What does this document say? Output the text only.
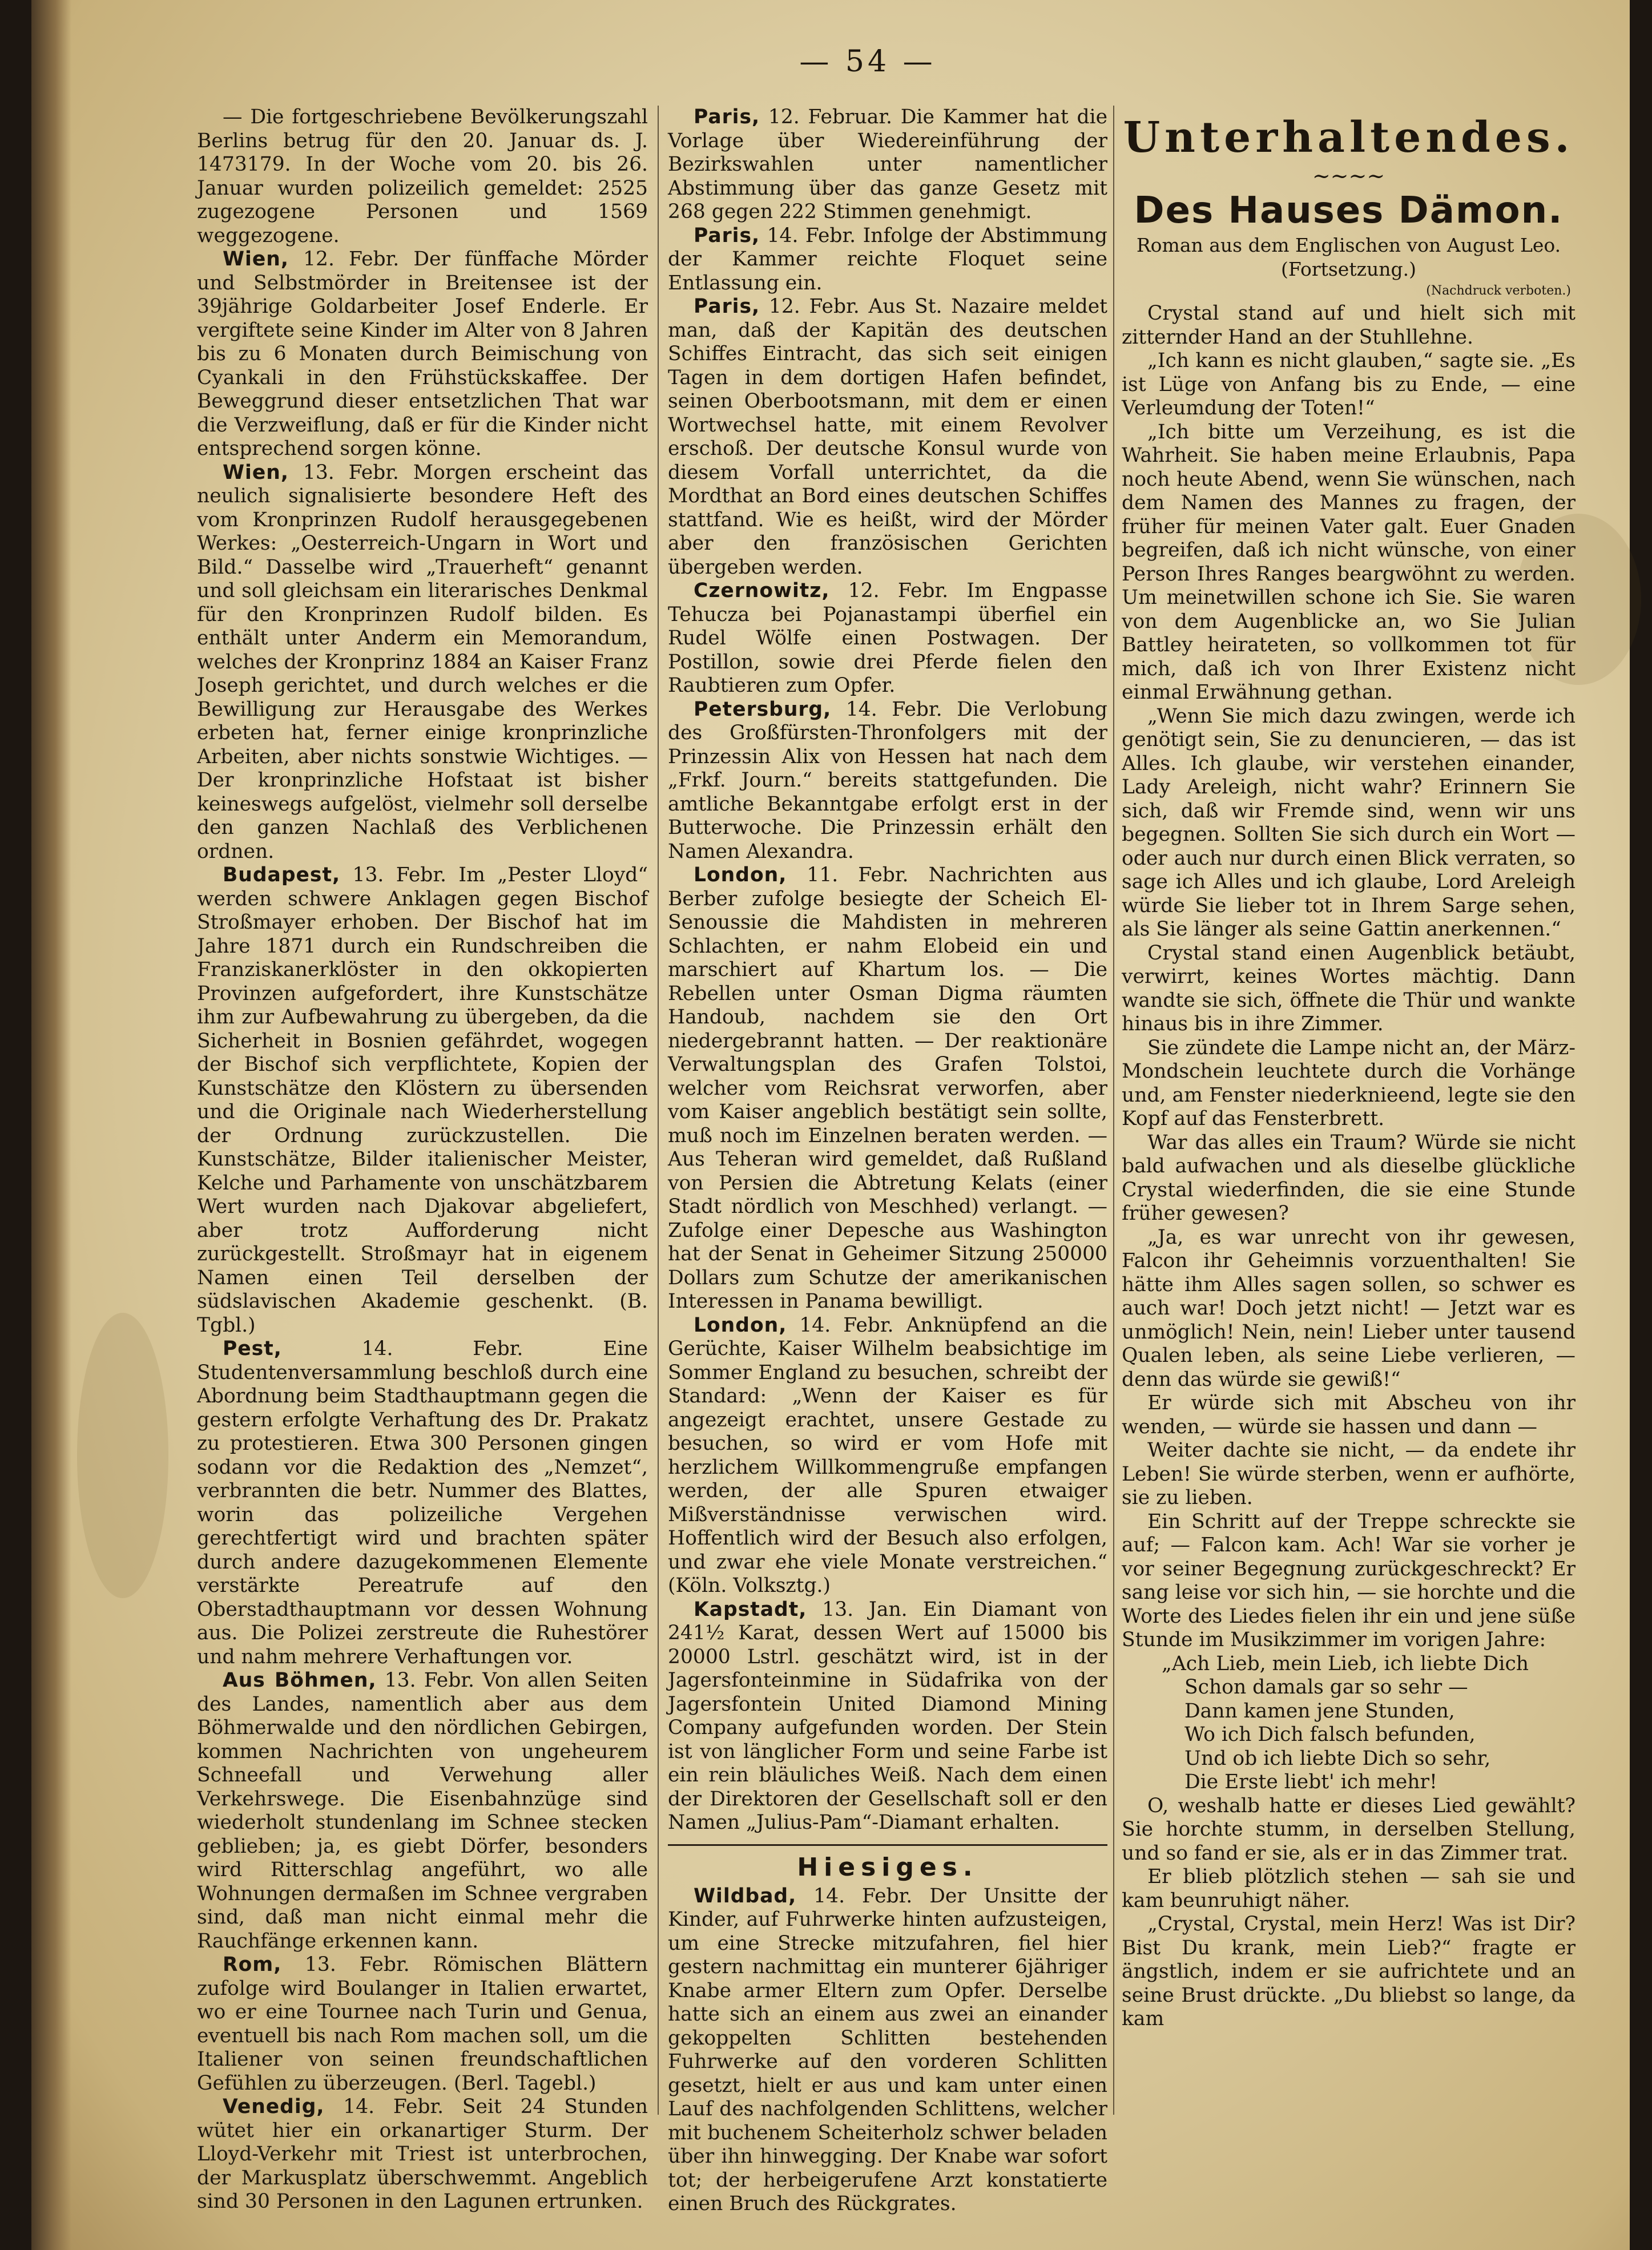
— 54 —

— Die fortgeschriebene Bevölkerungszahl Berlins betrug für den 20. Januar ds. J. 1473179. In der Woche vom 20. bis 26. Januar wurden polizeilich gemeldet: 2525 zugezogene Personen und 1569 weggezogene.

Wien, 12. Febr. Der fünffache Mörder und Selbstmörder in Breitensee ist der 39jährige Goldarbeiter Josef Enderle. Er vergiftete seine Kinder im Alter von 8 Jahren bis zu 6 Monaten durch Beimischung von Cyankali in den Frühstückskaffee. Der Beweggrund dieser entsetzlichen That war die Verzweiflung, daß er für die Kinder nicht entsprechend sorgen könne.

Wien, 13. Febr. Morgen erscheint das neulich signalisierte besondere Heft des vom Kronprinzen Rudolf herausgegebenen Werkes: „Oesterreich-Ungarn in Wort und Bild.“ Dasselbe wird „Trauerheft“ genannt und soll gleichsam ein literarisches Denkmal für den Kronprinzen Rudolf bilden. Es enthält unter Anderm ein Memorandum, welches der Kronprinz 1884 an Kaiser Franz Joseph gerichtet, und durch welches er die Bewilligung zur Herausgabe des Werkes erbeten hat, ferner einige kronprinzliche Arbeiten, aber nichts sonstwie Wichtiges. — Der kronprinzliche Hofstaat ist bisher keineswegs aufgelöst, vielmehr soll derselbe den ganzen Nachlaß des Verblichenen ordnen.

Budapest, 13. Febr. Im „Pester Lloyd“ werden schwere Anklagen gegen Bischof Stroßmayer erhoben. Der Bischof hat im Jahre 1871 durch ein Rundschreiben die Franziskanerklöster in den okkopierten Provinzen aufgefordert, ihre Kunstschätze ihm zur Aufbewahrung zu übergeben, da die Sicherheit in Bosnien gefährdet, wogegen der Bischof sich verpflichtete, Kopien der Kunstschätze den Klöstern zu übersenden und die Originale nach Wiederherstellung der Ordnung zurückzustellen. Die Kunstschätze, Bilder italienischer Meister, Kelche und Parhamente von unschätzbarem Wert wurden nach Djakovar abgeliefert, aber trotz Aufforderung nicht zurückgestellt. Stroßmayr hat in eigenem Namen einen Teil derselben der südslavischen Akademie geschenkt. (B. Tgbl.)

Pest, 14. Febr. Eine Studentenversammlung beschloß durch eine Abordnung beim Stadthauptmann gegen die gestern erfolgte Verhaftung des Dr. Prakatz zu protestieren. Etwa 300 Personen gingen sodann vor die Redaktion des „Nemzet“, verbrannten die betr. Nummer des Blattes, worin das polizeiliche Vergehen gerechtfertigt wird und brachten später durch andere dazugekommenen Elemente verstärkte Pereatrufe auf den Oberstadthauptmann vor dessen Wohnung aus. Die Polizei zerstreute die Ruhestörer und nahm mehrere Verhaftungen vor.

Aus Böhmen, 13. Febr. Von allen Seiten des Landes, namentlich aber aus dem Böhmerwalde und den nördlichen Gebirgen, kommen Nachrichten von ungeheurem Schneefall und Verwehung aller Verkehrswege. Die Eisenbahnzüge sind wiederholt stundenlang im Schnee stecken geblieben; ja, es giebt Dörfer, besonders wird Ritterschlag angeführt, wo alle Wohnungen dermaßen im Schnee vergraben sind, daß man nicht einmal mehr die Rauchfänge erkennen kann.

Rom, 13. Febr. Römischen Blättern zufolge wird Boulanger in Italien erwartet, wo er eine Tournee nach Turin und Genua, eventuell bis nach Rom machen soll, um die Italiener von seinen freundschaftlichen Gefühlen zu überzeugen. (Berl. Tagebl.)

Venedig, 14. Febr. Seit 24 Stunden wütet hier ein orkanartiger Sturm. Der Lloyd-Verkehr mit Triest ist unterbrochen, der Markusplatz überschwemmt. Angeblich sind 30 Personen in den Lagunen ertrunken.

Paris, 12. Februar. Die Kammer hat die Vorlage über Wiedereinführung der Bezirkswahlen unter namentlicher Abstimmung über das ganze Gesetz mit 268 gegen 222 Stimmen genehmigt.

Paris, 14. Febr. Infolge der Abstimmung der Kammer reichte Floquet seine Entlassung ein.

Paris, 12. Febr. Aus St. Nazaire meldet man, daß der Kapitän des deutschen Schiffes Eintracht, das sich seit einigen Tagen in dem dortigen Hafen befindet, seinen Oberbootsmann, mit dem er einen Wortwechsel hatte, mit einem Revolver erschoß. Der deutsche Konsul wurde von diesem Vorfall unterrichtet, da die Mordthat an Bord eines deutschen Schiffes stattfand. Wie es heißt, wird der Mörder aber den französischen Gerichten übergeben werden.

Czernowitz, 12. Febr. Im Engpasse Tehucza bei Pojanastampi überfiel ein Rudel Wölfe einen Postwagen. Der Postillon, sowie drei Pferde fielen den Raubtieren zum Opfer.

Petersburg, 14. Febr. Die Verlobung des Großfürsten-Thronfolgers mit der Prinzessin Alix von Hessen hat nach dem „Frkf. Journ.“ bereits stattgefunden. Die amtliche Bekanntgabe erfolgt erst in der Butterwoche. Die Prinzessin erhält den Namen Alexandra.

London, 11. Febr. Nachrichten aus Berber zufolge besiegte der Scheich El-Senoussie die Mahdisten in mehreren Schlachten, er nahm Elobeid ein und marschiert auf Khartum los. — Die Rebellen unter Osman Digma räumten Handoub, nachdem sie den Ort niedergebrannt hatten. — Der reaktionäre Verwaltungsplan des Grafen Tolstoi, welcher vom Reichsrat verworfen, aber vom Kaiser angeblich bestätigt sein sollte, muß noch im Einzelnen beraten werden. — Aus Teheran wird gemeldet, daß Rußland von Persien die Abtretung Kelats (einer Stadt nördlich von Meschhed) verlangt. — Zufolge einer Depesche aus Washington hat der Senat in Geheimer Sitzung 250000 Dollars zum Schutze der amerikanischen Interessen in Panama bewilligt.

London, 14. Febr. Anknüpfend an die Gerüchte, Kaiser Wilhelm beabsichtige im Sommer England zu besuchen, schreibt der Standard: „Wenn der Kaiser es für angezeigt erachtet, unsere Gestade zu besuchen, so wird er vom Hofe mit herzlichem Willkommengruße empfangen werden, der alle Spuren etwaiger Mißverständnisse verwischen wird. Hoffentlich wird der Besuch also erfolgen, und zwar ehe viele Monate verstreichen.“ (Köln. Volksztg.)

Kapstadt, 13. Jan. Ein Diamant von 241½ Karat, dessen Wert auf 15000 bis 20000 Lstrl. geschätzt wird, ist in der Jagersfonteinmine in Südafrika von der Jagersfontein United Diamond Mining Company aufgefunden worden. Der Stein ist von länglicher Form und seine Farbe ist ein rein bläuliches Weiß. Nach dem einen der Direktoren der Gesellschaft soll er den Namen „Julius-Pam“-Diamant erhalten.

Hiesiges.

Wildbad, 14. Febr. Der Unsitte der Kinder, auf Fuhrwerke hinten aufzusteigen, um eine Strecke mitzufahren, fiel hier gestern nachmittag ein munterer 6jähriger Knabe armer Eltern zum Opfer. Derselbe hatte sich an einem aus zwei an einander gekoppelten Schlitten bestehenden Fuhrwerke auf den vorderen Schlitten gesetzt, hielt er aus und kam unter einen Lauf des nachfolgenden Schlittens, welcher mit buchenem Scheiterholz schwer beladen über ihn hinwegging. Der Knabe war sofort tot; der herbeigerufene Arzt konstatierte einen Bruch des Rückgrates.

Unterhaltendes.
~~~~
Des Hauses Dämon.

Roman aus dem Englischen von August Leo.

(Fortsetzung.)

(Nachdruck verboten.)

Crystal stand auf und hielt sich mit zitternder Hand an der Stuhllehne.

„Ich kann es nicht glauben,“ sagte sie. „Es ist Lüge von Anfang bis zu Ende, — eine Verleumdung der Toten!“

„Ich bitte um Verzeihung, es ist die Wahrheit. Sie haben meine Erlaubnis, Papa noch heute Abend, wenn Sie wünschen, nach dem Namen des Mannes zu fragen, der früher für meinen Vater galt. Euer Gnaden begreifen, daß ich nicht wünsche, von einer Person Ihres Ranges beargwöhnt zu werden. Um meinetwillen schone ich Sie. Sie waren von dem Augenblicke an, wo Sie Julian Battley heirateten, so vollkommen tot für mich, daß ich von Ihrer Existenz nicht einmal Erwähnung gethan.

„Wenn Sie mich dazu zwingen, werde ich genötigt sein, Sie zu denuncieren, — das ist Alles. Ich glaube, wir verstehen einander, Lady Areleigh, nicht wahr? Erinnern Sie sich, daß wir Fremde sind, wenn wir uns begegnen. Sollten Sie sich durch ein Wort — oder auch nur durch einen Blick verraten, so sage ich Alles und ich glaube, Lord Areleigh würde Sie lieber tot in Ihrem Sarge sehen, als Sie länger als seine Gattin anerkennen.“

Crystal stand einen Augenblick betäubt, verwirrt, keines Wortes mächtig. Dann wandte sie sich, öffnete die Thür und wankte hinaus bis in ihre Zimmer.

Sie zündete die Lampe nicht an, der März-Mondschein leuchtete durch die Vorhänge und, am Fenster niederknieend, legte sie den Kopf auf das Fensterbrett.

War das alles ein Traum? Würde sie nicht bald aufwachen und als dieselbe glückliche Crystal wiederfinden, die sie eine Stunde früher gewesen?

„Ja, es war unrecht von ihr gewesen, Falcon ihr Geheimnis vorzuenthalten! Sie hätte ihm Alles sagen sollen, so schwer es auch war! Doch jetzt nicht! — Jetzt war es unmöglich! Nein, nein! Lieber unter tausend Qualen leben, als seine Liebe verlieren, — denn das würde sie gewiß!“

Er würde sich mit Abscheu von ihr wenden, — würde sie hassen und dann —

Weiter dachte sie nicht, — da endete ihr Leben! Sie würde sterben, wenn er aufhörte, sie zu lieben.

Ein Schritt auf der Treppe schreckte sie auf; — Falcon kam. Ach! War sie vorher je vor seiner Begegnung zurückgeschreckt? Er sang leise vor sich hin, — sie horchte und die Worte des Liedes fielen ihr ein und jene süße Stunde im Musikzimmer im vorigen Jahre:

„Ach Lieb, mein Lieb, ich liebte Dich
Schon damals gar so sehr —
Dann kamen jene Stunden,
Wo ich Dich falsch befunden,
Und ob ich liebte Dich so sehr,
Die Erste liebt' ich mehr!

O, weshalb hatte er dieses Lied gewählt? Sie horchte stumm, in derselben Stellung, und so fand er sie, als er in das Zimmer trat.

Er blieb plötzlich stehen — sah sie und kam beunruhigt näher.

„Crystal, Crystal, mein Herz! Was ist Dir? Bist Du krank, mein Lieb?“ fragte er ängstlich, indem er sie aufrichtete und an seine Brust drückte. „Du bliebst so lange, da kam
